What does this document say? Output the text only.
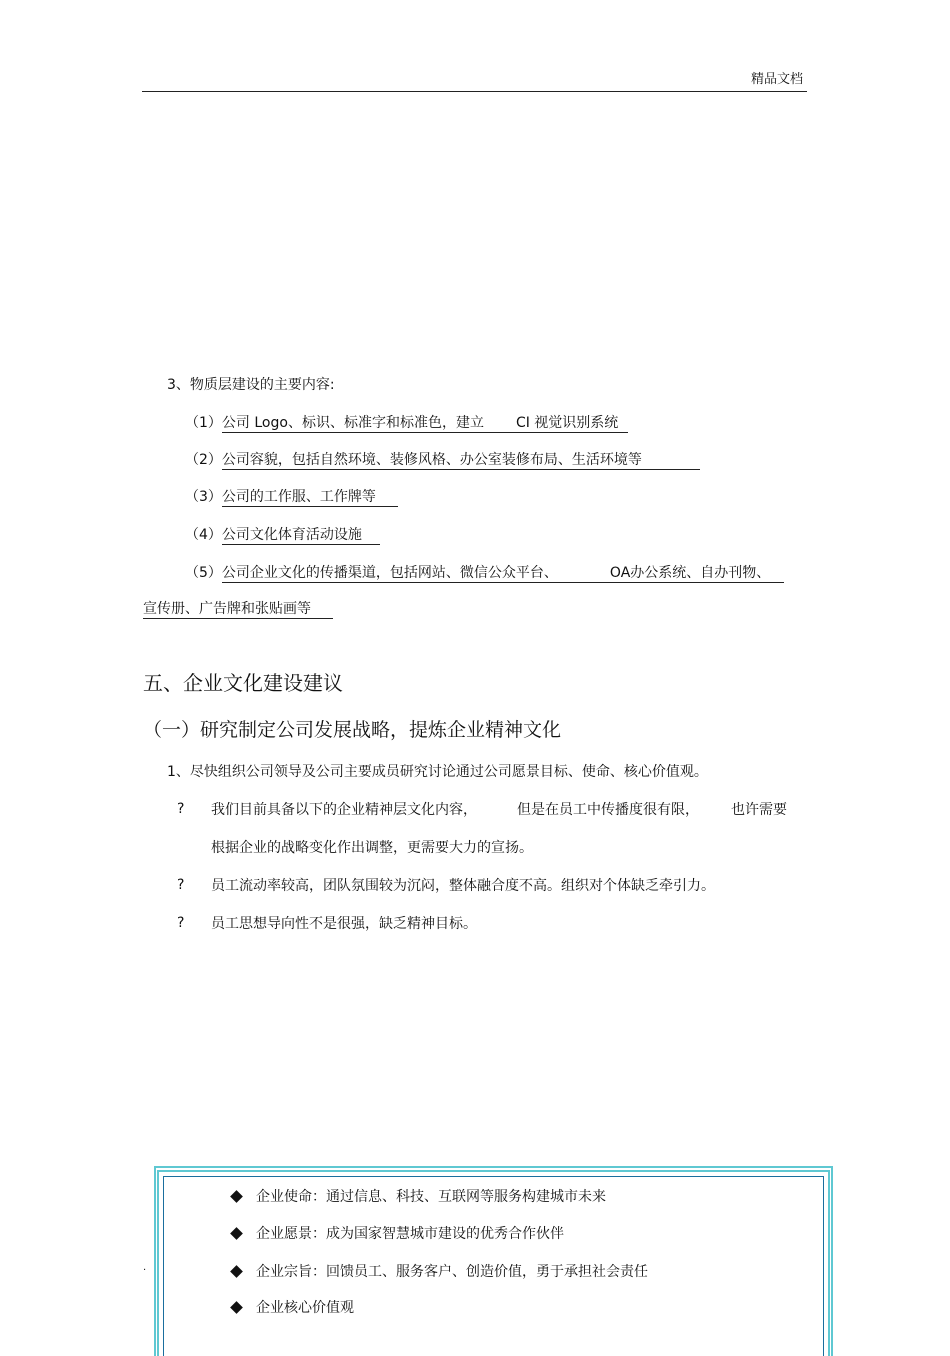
精品文档
3、物质层建设的主要内容:
（1）公司 Logo、标识、标准字和标准色，建立 CI 视觉识别系统
（2）公司容貌，包括自然环境、装修风格、办公室装修布局、生活环境等
（3）公司的工作服、工作牌等
（4）公司文化体育活动设施
（5）公司企业文化的传播渠道，包括网站、微信公众平台、	OA办公系统、自办刊物、
宣传册、广告牌和张贴画等
五、企业文化建设建议
（一）研究制定公司发展战略，提炼企业精神文化
1、尽快组织公司领导及公司主要成员研究讨论通过公司愿景目标、使命、核心价值观。
? 我们目前具备以下的企业精神层文化内容，	但是在员工中传播度很有限， 也许需要
根据企业的战略变化作出调整，更需要大力的宣扬。
? 员工流动率较高，团队氛围较为沉闷，整体融合度不高。组织对个体缺乏牵引力。
? 员工思想导向性不是很强，缺乏精神目标。
企业使命：通过信息、科技、互联网等服务构建城市未来
企业愿景：成为国家智慧城市建设的优秀合作伙伴
企业宗旨：回馈员工、服务客户、创造价值，勇于承担社会责任
企业核心价值观
.
